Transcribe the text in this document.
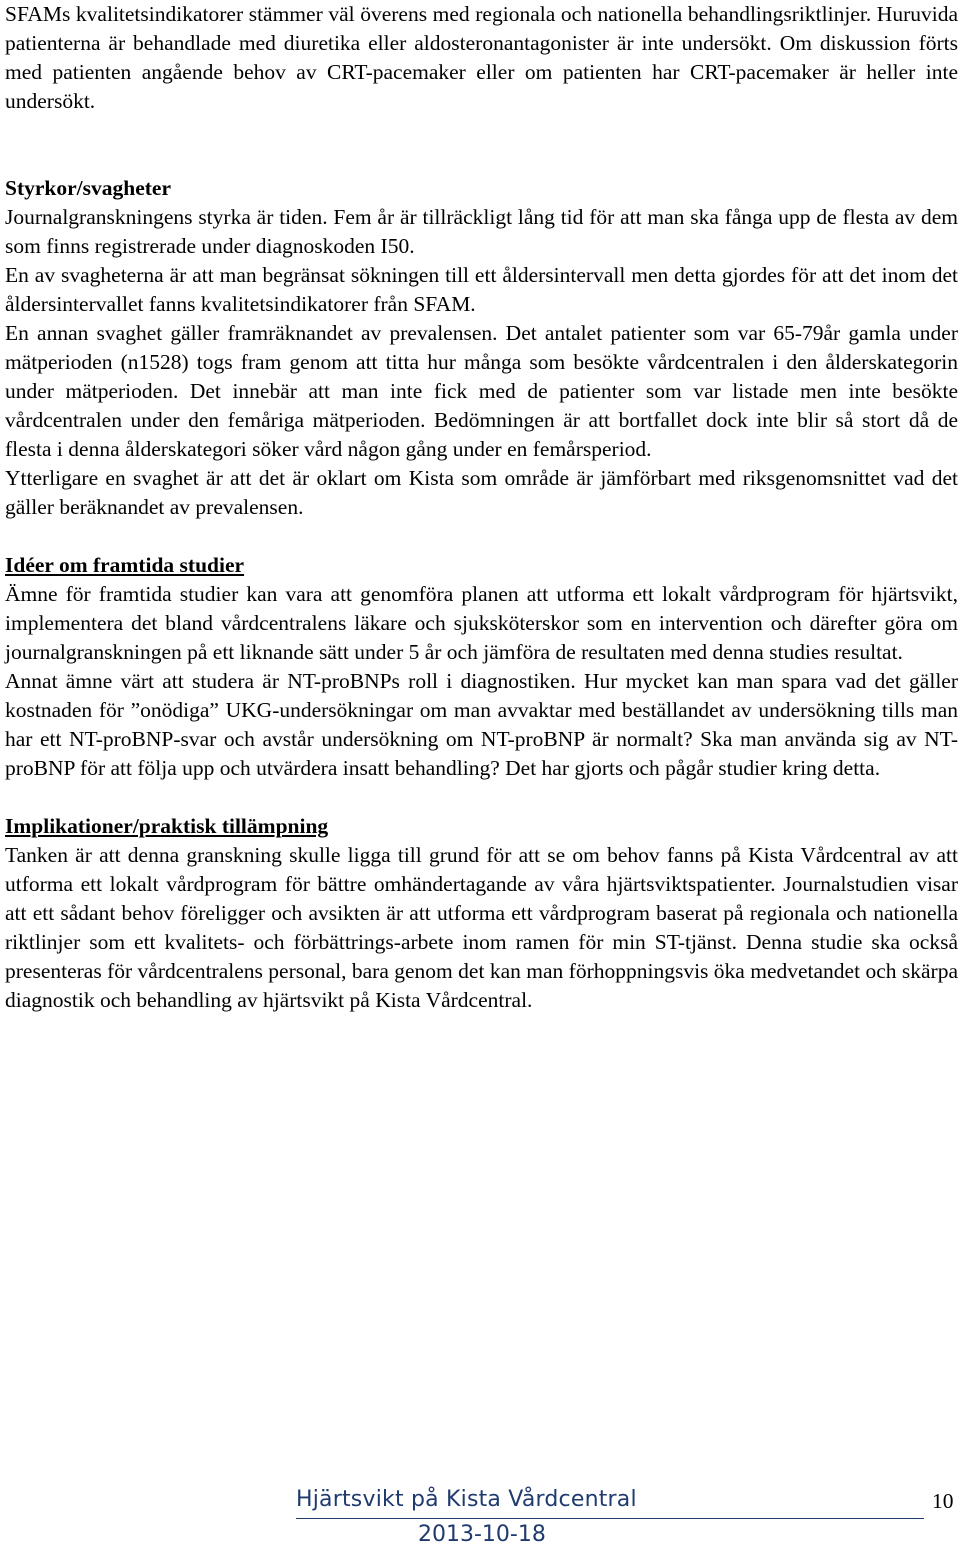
SFAMs kvalitetsindikatorer stämmer väl överens med regionala och nationella behandlingsriktlinjer. Huruvida patienterna är behandlade med diuretika eller aldosteronantagonister är inte undersökt. Om diskussion förts med patienten angående behov av CRT-pacemaker eller om patienten har CRT-pacemaker är heller inte undersökt.

Styrkor/svagheter

Journalgranskningens styrka är tiden. Fem år är tillräckligt lång tid för att man ska fånga upp de flesta av dem som finns registrerade under diagnoskoden I50.

En av svagheterna är att man begränsat sökningen till ett åldersintervall men detta gjordes för att det inom det åldersintervallet fanns kvalitetsindikatorer från SFAM.

En annan svaghet gäller framräknandet av prevalensen. Det antalet patienter som var 65-79år gamla under mätperioden (n1528) togs fram genom att titta hur många som besökte vårdcentralen i den ålderskategorin under mätperioden. Det innebär att man inte fick med de patienter som var listade men inte besökte vårdcentralen under den femåriga mätperioden. Bedömningen är att bortfallet dock inte blir så stort då de flesta i denna ålderskategori söker vård någon gång under en femårsperiod.

Ytterligare en svaghet är att det är oklart om Kista som område är jämförbart med riksgenomsnittet vad det gäller beräknandet av prevalensen.

Idéer om framtida studier

Ämne för framtida studier kan vara att genomföra planen att utforma ett lokalt vårdprogram för hjärtsvikt, implementera det bland vårdcentralens läkare och sjuksköterskor som en intervention och därefter göra om journalgranskningen på ett liknande sätt under 5 år och jämföra de resultaten med denna studies resultat.

Annat ämne värt att studera är NT-proBNPs roll i diagnostiken. Hur mycket kan man spara vad det gäller kostnaden för ”onödiga” UKG-undersökningar om man avvaktar med beställandet av undersökning tills man har ett NT-proBNP-svar och avstår undersökning om NT-proBNP är normalt? Ska man använda sig av NT-proBNP för att följa upp och utvärdera insatt behandling? Det har gjorts och pågår studier kring detta.

Implikationer/praktisk tillämpning

Tanken är att denna granskning skulle ligga till grund för att se om behov fanns på Kista Vårdcentral av att utforma ett lokalt vårdprogram för bättre omhändertagande av våra hjärtsviktspatienter. Journalstudien visar att ett sådant behov föreligger och avsikten är att utforma ett vårdprogram baserat på regionala och nationella riktlinjer som ett kvalitets- och förbättrings-arbete inom ramen för min ST-tjänst. Denna studie ska också presenteras för vårdcentralens personal, bara genom det kan man förhoppningsvis öka medvetandet och skärpa diagnostik och behandling av hjärtsvikt på Kista Vårdcentral.

Hjärtsvikt på Kista Vårdcentral	10
2013-10-18
